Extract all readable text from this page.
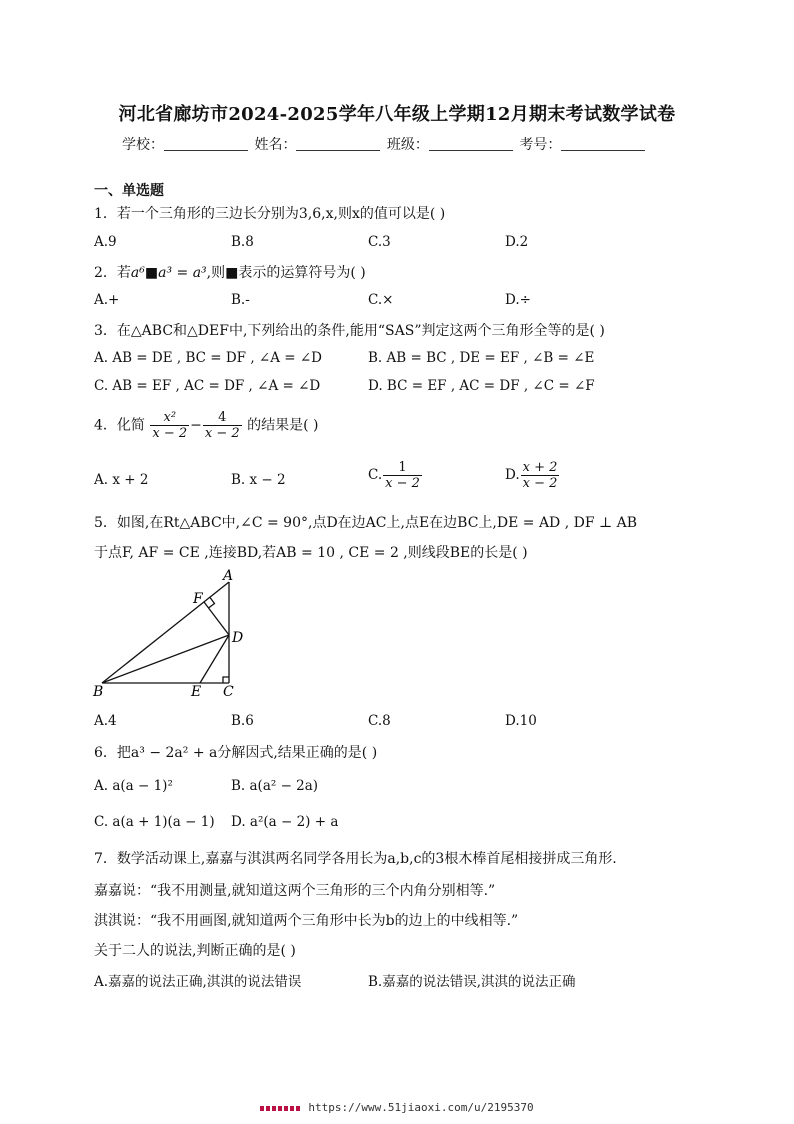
河北省廊坊市2024-2025学年八年级上学期12月期末考试数学试卷
学校：	姓名：	班级：	考号：
一、单选题
1．若一个三角形的三边长分别为3,6,x,则x的值可以是( )
A.9	B.8	C.3	D.2
2．若a⁶■a³ = a³,则■表示的运算符号为( )
A.+	B.-	C.×	D.÷
3．在△ABC和△DEF中,下列给出的条件,能用“SAS”判定这两个三角形全等的是( )
A. AB = DE , BC = DF , ∠A = ∠D	B. AB = BC , DE = EF , ∠B = ∠E
C. AB = EF , AC = DF , ∠A = ∠D	D. BC = EF , AC = DF , ∠C = ∠F
4．化简 $\frac{\text{x²}}{x - 2} - \frac{4}{x - 2}$ 的结果是( )
A. x + 2	B. x − 2	C. $\frac{1}{x - 2}$	D. $\frac{x + 2}{x - 2}$
5．如图,在Rt△ABC中,∠C = 90°,点D在边AC上,点E在边BC上,DE = AD , DF ⊥ AB
于点F, AF = CE ,连接BD,若AB = 10 , CE = 2 ,则线段BE的长是( )
A
F
D
B	E C
A.4	B.6	C.8	D.10
6．把a³ − 2a² + a分解因式,结果正确的是( )
A. a(a − 1)²	B. a(a² − 2a)
C. a(a + 1)(a − 1) D. a²(a − 2) + a
7．数学活动课上,嘉嘉与淇淇两名同学各用长为a,b,c的3根木棒首尾相接拼成三角形.
嘉嘉说：“我不用测量,就知道这两个三角形的三个内角分别相等.”
淇淇说：“我不用画图,就知道两个三角形中长为b的边上的中线相等.”
关于二人的说法,判断正确的是( )
A.嘉嘉的说法正确,淇淇的说法错误	B.嘉嘉的说法错误,淇淇的说法正确
https://www.51jiaoxi.com/u/2195370
